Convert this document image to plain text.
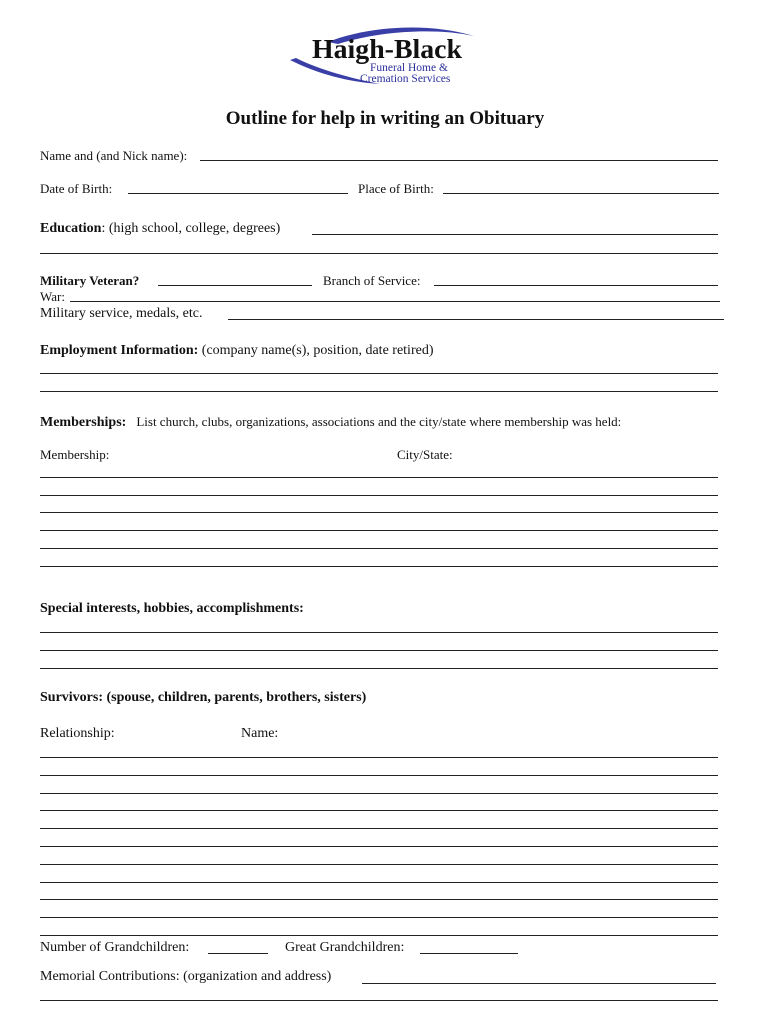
Haigh-Black
Funeral Home &
Cremation Services
Outline for help in writing an Obituary
Name and (and Nick name):
Date of Birth:	Place of Birth:
Education: (high school, college, degrees)
Military Veteran?	Branch of Service:
War:
Military service, medals, etc.
Employment Information: (company name(s), position, date retired)
Memberships: List church, clubs, organizations, associations and the city/state where membership was held:
Membership:	City/State:
Special interests, hobbies, accomplishments:
Survivors: (spouse, children, parents, brothers, sisters)
Relationship:	Name:
Number of Grandchildren:	Great Grandchildren:
Memorial Contributions: (organization and address)
